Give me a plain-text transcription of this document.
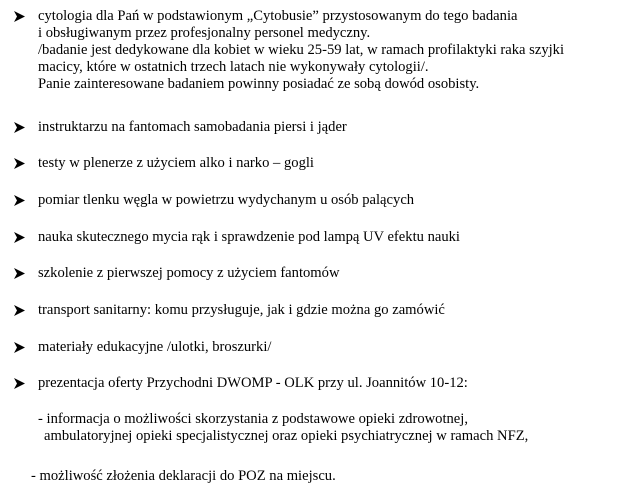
cytologia dla Pań w podstawionym „Cytobusie” przystosowanym do tego badania
i obsługiwanym przez profesjonalny personel medyczny.
/badanie jest dedykowane dla kobiet w wieku 25-59 lat, w ramach profilaktyki raka szyjki
macicy, które w ostatnich trzech latach nie wykonywały cytologii/.
Panie zainteresowane badaniem powinny posiadać ze sobą dowód osobisty.
instruktarzu na fantomach samobadania piersi i jąder
testy w plenerze z użyciem alko i narko – gogli
pomiar tlenku węgla w powietrzu wydychanym u osób palących
nauka skutecznego mycia rąk i sprawdzenie pod lampą UV efektu nauki
szkolenie z pierwszej pomocy z użyciem fantomów
transport sanitarny: komu przysługuje, jak i gdzie można go zamówić
materiały edukacyjne /ulotki, broszurki/
prezentacja oferty Przychodni DWOMP - OLK przy ul. Joannitów 10-12:
- informacja o możliwości skorzystania z podstawowe opieki zdrowotnej,
ambulatoryjnej opieki specjalistycznej oraz opieki psychiatrycznej w ramach NFZ,
- możliwość złożenia deklaracji do POZ na miejscu.
